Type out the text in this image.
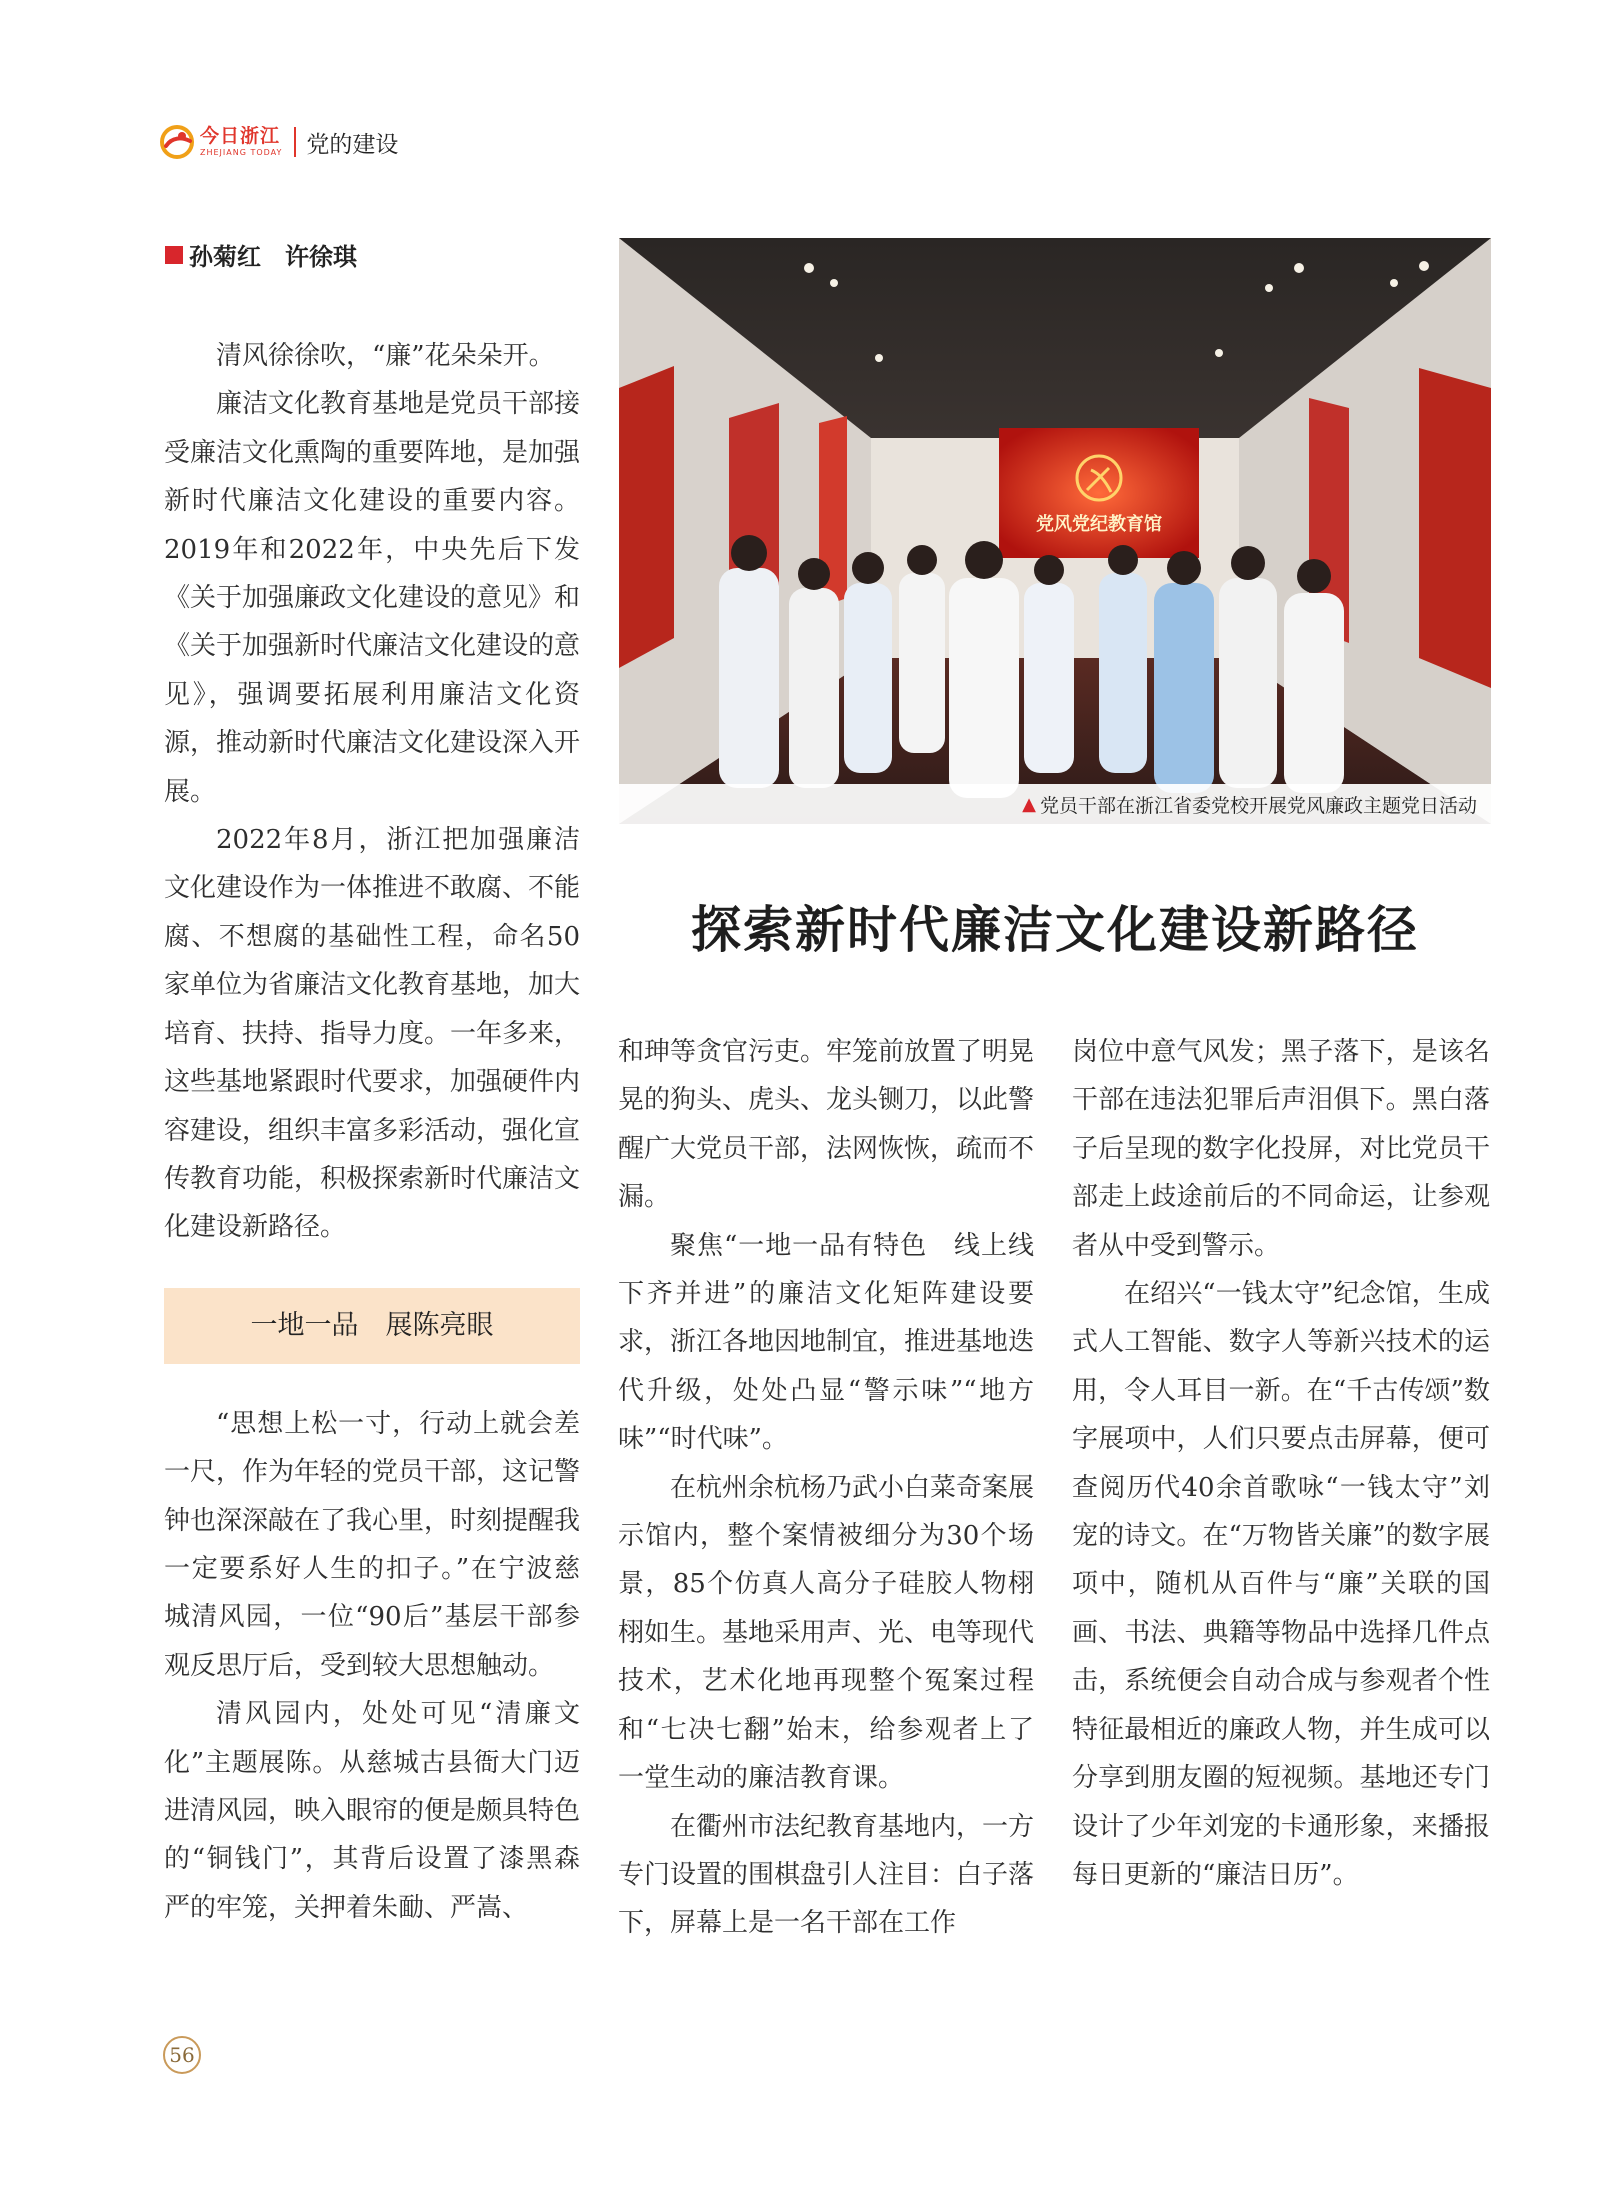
今日浙江
ZHEJIANG TODAY 党的建设
孙菊红　许徐琪

清风徐徐吹，“廉”花朵朵开。

廉洁文化教育基地是党员干部接受廉洁文化熏陶的重要阵地，是加强新时代廉洁文化建设的重要内容。2019年和2022年，中央先后下发《关于加强廉政文化建设的意见》和《关于加强新时代廉洁文化建设的意见》，强调要拓展利用廉洁文化资源，推动新时代廉洁文化建设深入开展。

2022年8月，浙江把加强廉洁文化建设作为一体推进不敢腐、不能腐、不想腐的基础性工程，命名50家单位为省廉洁文化教育基地，加大培育、扶持、指导力度。一年多来，这些基地紧跟时代要求，加强硬件内容建设，组织丰富多彩活动，强化宣传教育功能，积极探索新时代廉洁文化建设新路径。

一地一品　展陈亮眼

“思想上松一寸，行动上就会差一尺，作为年轻的党员干部，这记警钟也深深敲在了我心里，时刻提醒我一定要系好人生的扣子。”在宁波慈城清风园，一位“90后”基层干部参观反思厅后，受到较大思想触动。

清风园内，处处可见“清廉文化”主题展陈。从慈城古县衙大门迈进清风园，映入眼帘的便是颇具特色的“铜钱门”，其背后设置了漆黑森严的牢笼，关押着朱勔、严嵩、

党风党纪教育馆
▲ 党员干部在浙江省委党校开展党风廉政主题党日活动
探索新时代廉洁文化建设新路径

和珅等贪官污吏。牢笼前放置了明晃晃的狗头、虎头、龙头铡刀，以此警醒广大党员干部，法网恢恢，疏而不漏。

聚焦“一地一品有特色　线上线下齐并进”的廉洁文化矩阵建设要求，浙江各地因地制宜，推进基地迭代升级，处处凸显“警示味”“地方味”“时代味”。

在杭州余杭杨乃武小白菜奇案展示馆内，整个案情被细分为30个场景，85个仿真人高分子硅胶人物栩栩如生。基地采用声、光、电等现代技术，艺术化地再现整个冤案过程和“七决七翻”始末，给参观者上了一堂生动的廉洁教育课。

在衢州市法纪教育基地内，一方专门设置的围棋盘引人注目：白子落下，屏幕上是一名干部在工作

岗位中意气风发；黑子落下，是该名干部在违法犯罪后声泪俱下。黑白落子后呈现的数字化投屏，对比党员干部走上歧途前后的不同命运，让参观者从中受到警示。

在绍兴“一钱太守”纪念馆，生成式人工智能、数字人等新兴技术的运用，令人耳目一新。在“千古传颂”数字展项中，人们只要点击屏幕，便可查阅历代40余首歌咏“一钱太守”刘宠的诗文。在“万物皆关廉”的数字展项中，随机从百件与“廉”关联的国画、书法、典籍等物品中选择几件点击，系统便会自动合成与参观者个性特征最相近的廉政人物，并生成可以分享到朋友圈的短视频。基地还专门设计了少年刘宠的卡通形象，来播报每日更新的“廉洁日历”。

56
